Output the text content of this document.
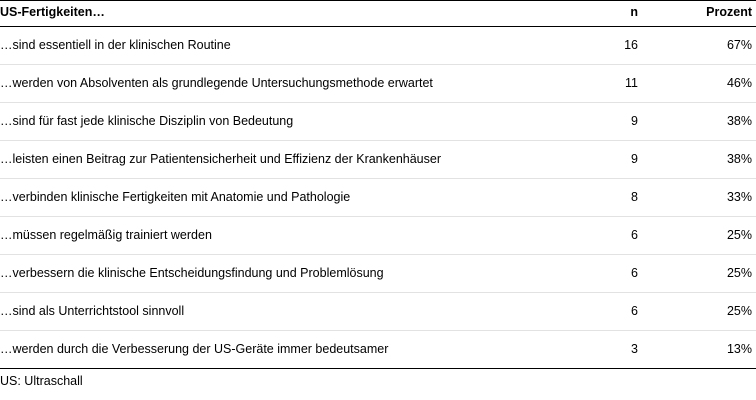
US-Fertigkeiten…	n	Prozent
…sind essentiell in der klinischen Routine	16	67%
…werden von Absolventen als grundlegende Untersuchungsmethode erwartet	11	46%
…sind für fast jede klinische Disziplin von Bedeutung	9	38%
…leisten einen Beitrag zur Patientensicherheit und Effizienz der Krankenhäuser	9	38%
…verbinden klinische Fertigkeiten mit Anatomie und Pathologie	8	33%
…müssen regelmäßig trainiert werden	6	25%
…verbessern die klinische Entscheidungsfindung und Problemlösung	6	25%
…sind als Unterrichtstool sinnvoll	6	25%
…werden durch die Verbesserung der US-Geräte immer bedeutsamer	3	13%
US: Ultraschall
